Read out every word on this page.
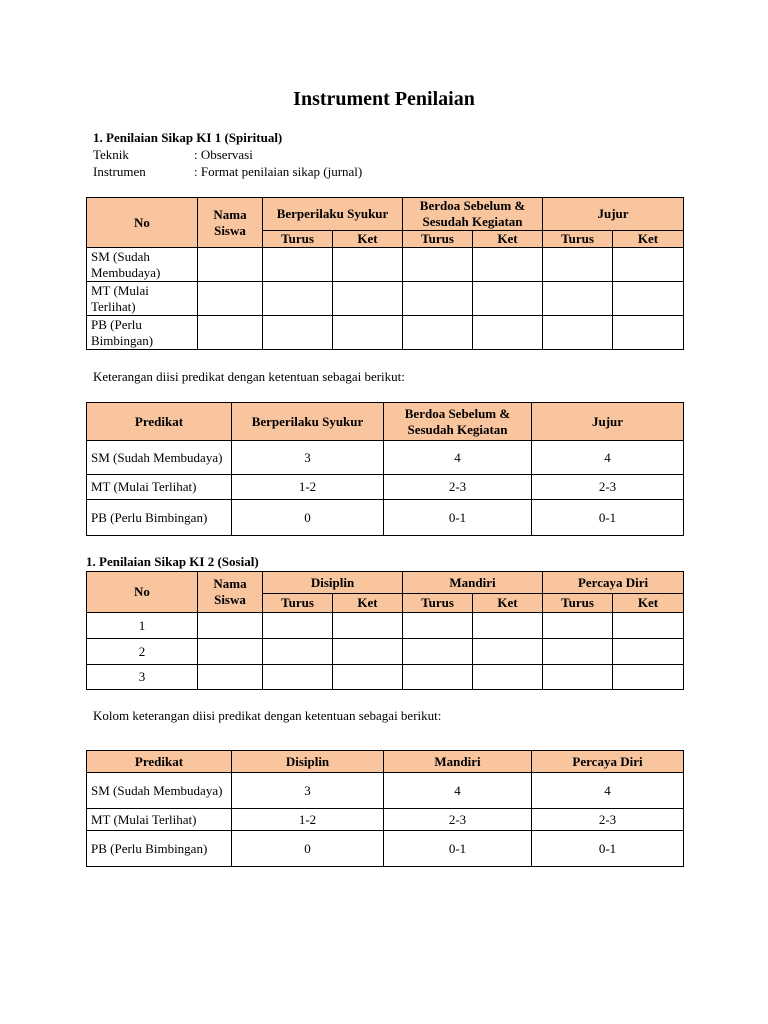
Instrument Penilaian
1. Penilaian Sikap KI 1 (Spiritual)
Teknik	: Observasi
Instrumen	: Format penilaian sikap (jurnal)
No	Nama Siswa	Berperilaku Syukur		Berdoa Sebelum & Sesudah Kegiatan		Jujur	
		Turus	Ket	Turus	Ket	Turus	Ket
SM (Sudah Membudaya)							
MT (Mulai Terlihat)							
PB (Perlu Bimbingan)							
Keterangan diisi predikat dengan ketentuan sebagai berikut:
Predikat	Berperilaku Syukur	Berdoa Sebelum & Sesudah Kegiatan	Jujur
SM (Sudah Membudaya)	3	4	4
MT (Mulai Terlihat)	1-2	2-3	2-3
PB (Perlu Bimbingan)	0	0-1	0-1
1. Penilaian Sikap KI 2 (Sosial)
No	Nama Siswa	Disiplin		Mandiri		Percaya Diri	
		Turus	Ket	Turus	Ket	Turus	Ket
1							
2							
3							
Kolom keterangan diisi predikat dengan ketentuan sebagai berikut:
Predikat	Disiplin	Mandiri	Percaya Diri
SM (Sudah Membudaya)	3	4	4
MT (Mulai Terlihat)	1-2	2-3	2-3
PB (Perlu Bimbingan)	0	0-1	0-1
